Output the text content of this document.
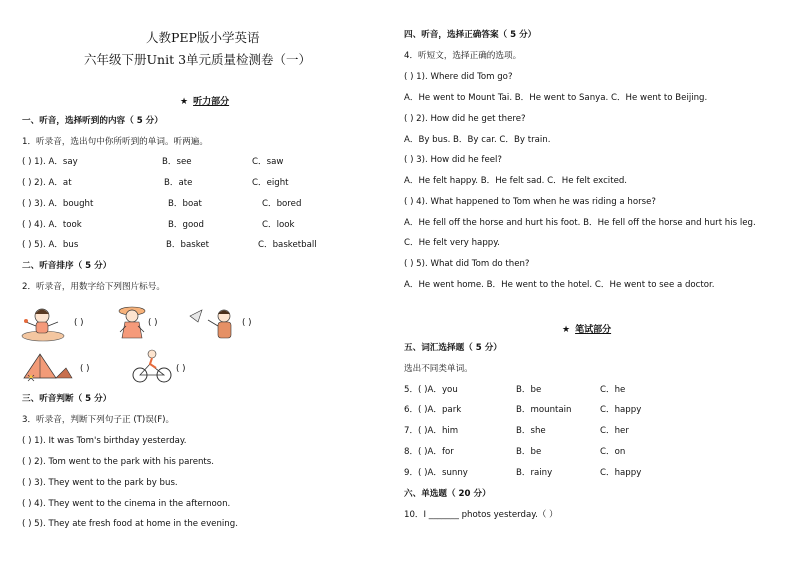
人教PEP版小学英语
六年级下册Unit 3单元质量检测卷（一）
★ 听力部分
一、听音，选择听到的内容（ 5 分）
1．听录音，选出句中你所听到的单词。听两遍。
( ) 1). A．say	B．see	C．saw
( ) 2). A．at	B．ate	C．eight
( ) 3). A．bought	B．boat	C．bored
( ) 4). A．took	B．good	C．look
( ) 5). A．bus	B．basket	C．basketball
二、听音排序（ 5 分）
2．听录音，用数字给下列图片标号。
( )	( )	( )
( )	( )
三、听音判断（ 5 分）
3．听录音，判断下列句子正 (T)误(F)。
( ) 1). It was Tom's birthday yesterday.
( ) 2). Tom went to the park with his parents.
( ) 3). They went to the park by bus.
( ) 4). They went to the cinema in the afternoon.
( ) 5). They ate fresh food at home in the evening.
四、听音，选择正确答案（ 5 分）
4．听短文，选择正确的选项。
( ) 1). Where did Tom go?
A．He went to Mount Tai. B．He went to Sanya. C．He went to Beijing.
( ) 2). How did he get there?
A．By bus. B．By car. C．By train.
( ) 3). How did he feel?
A．He felt happy. B．He felt sad. C．He felt excited.
( ) 4). What happened to Tom when he was riding a horse?
A．He fell off the horse and hurt his foot. B．He fell off the horse and hurt his leg.
C．He felt very happy.
( ) 5). What did Tom do then?
A．He went home. B．He went to the hotel. C．He went to see a doctor.
★ 笔试部分
五、词汇选择题（ 5 分）
选出不同类单词。
5．( )A．you	B．be	C．he
6．( )A．park	B．mountain	C．happy
7．( )A．him	B．she	C．her
8．( )A．for	B．be	C．on
9．( )A．sunny	B．rainy	C．happy
六、单选题（ 20 分）
10．I _______ photos yesterday.（ ）
